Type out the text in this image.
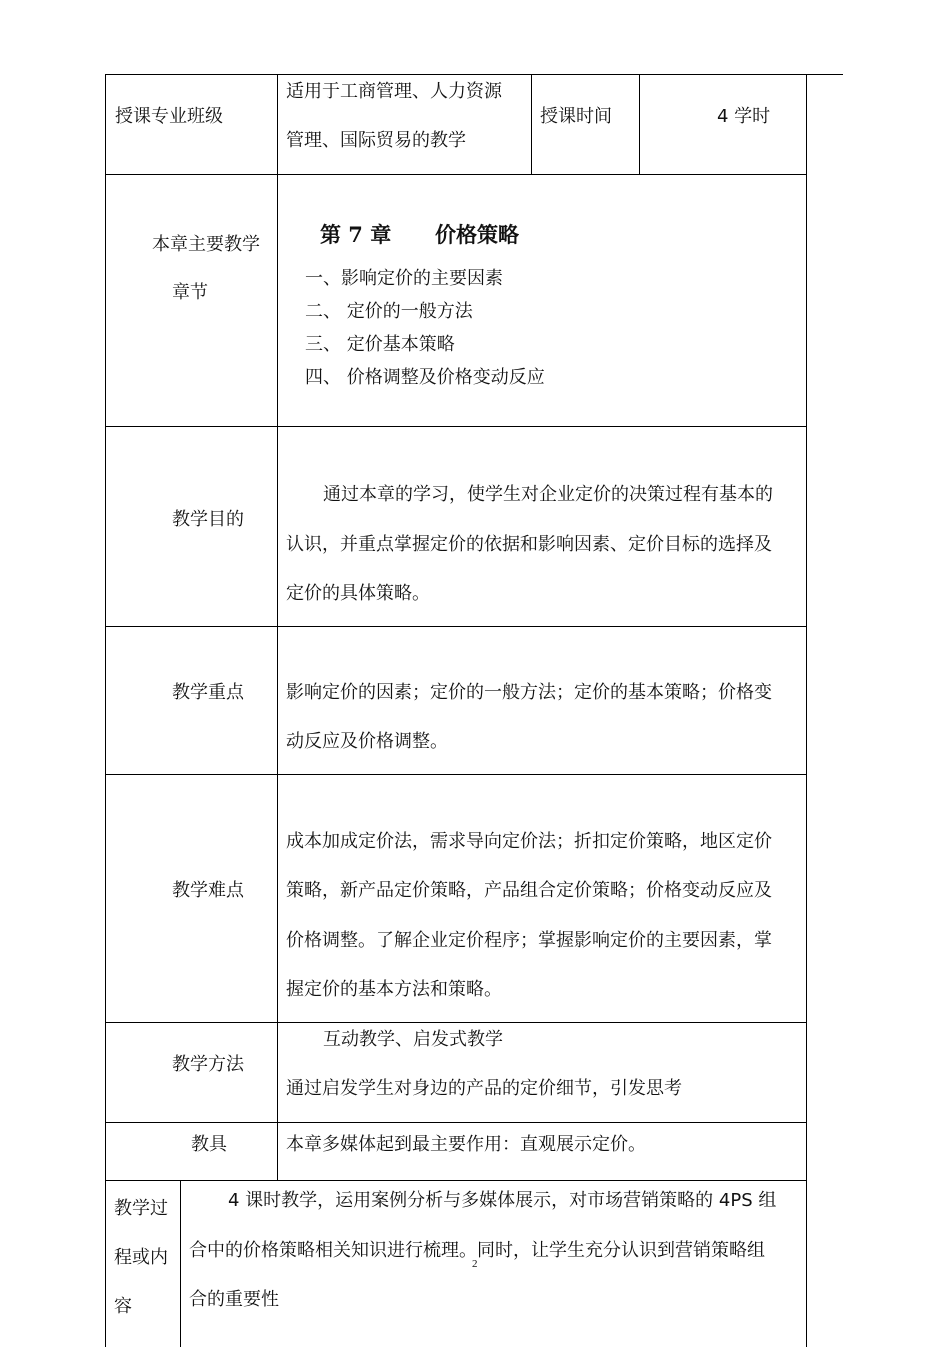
授课专业班级
适用于工商管理、人力资源
管理、国际贸易的教学
授课时间	4 学时
本章主要教学
章节
第 7 章 价格策略
一、影响定价的主要因素
二、 定价的一般方法
三、 定价基本策略
四、 价格调整及价格变动反应
教学目的
通过本章的学习，使学生对企业定价的决策过程有基本的
认识，并重点掌握定价的依据和影响因素、定价目标的选择及
定价的具体策略。
教学重点 影响定价的因素；定价的一般方法；定价的基本策略；价格变
动反应及价格调整。
教学难点
成本加成定价法，需求导向定价法；折扣定价策略，地区定价
策略，新产品定价策略，产品组合定价策略；价格变动反应及
价格调整。了解企业定价程序；掌握影响定价的主要因素，掌
握定价的基本方法和策略。
教学方法
互动教学、启发式教学
通过启发学生对身边的产品的定价细节，引发思考
教具	本章多媒体起到最主要作用：直观展示定价。
教学过
程或内
容
4 课时教学，运用案例分析与多媒体展示，对市场营销策略的 4PS 组
合中的价格策略相关知识进行梳理。同时，让学生充分认识到营销策略组
合的重要性
2
